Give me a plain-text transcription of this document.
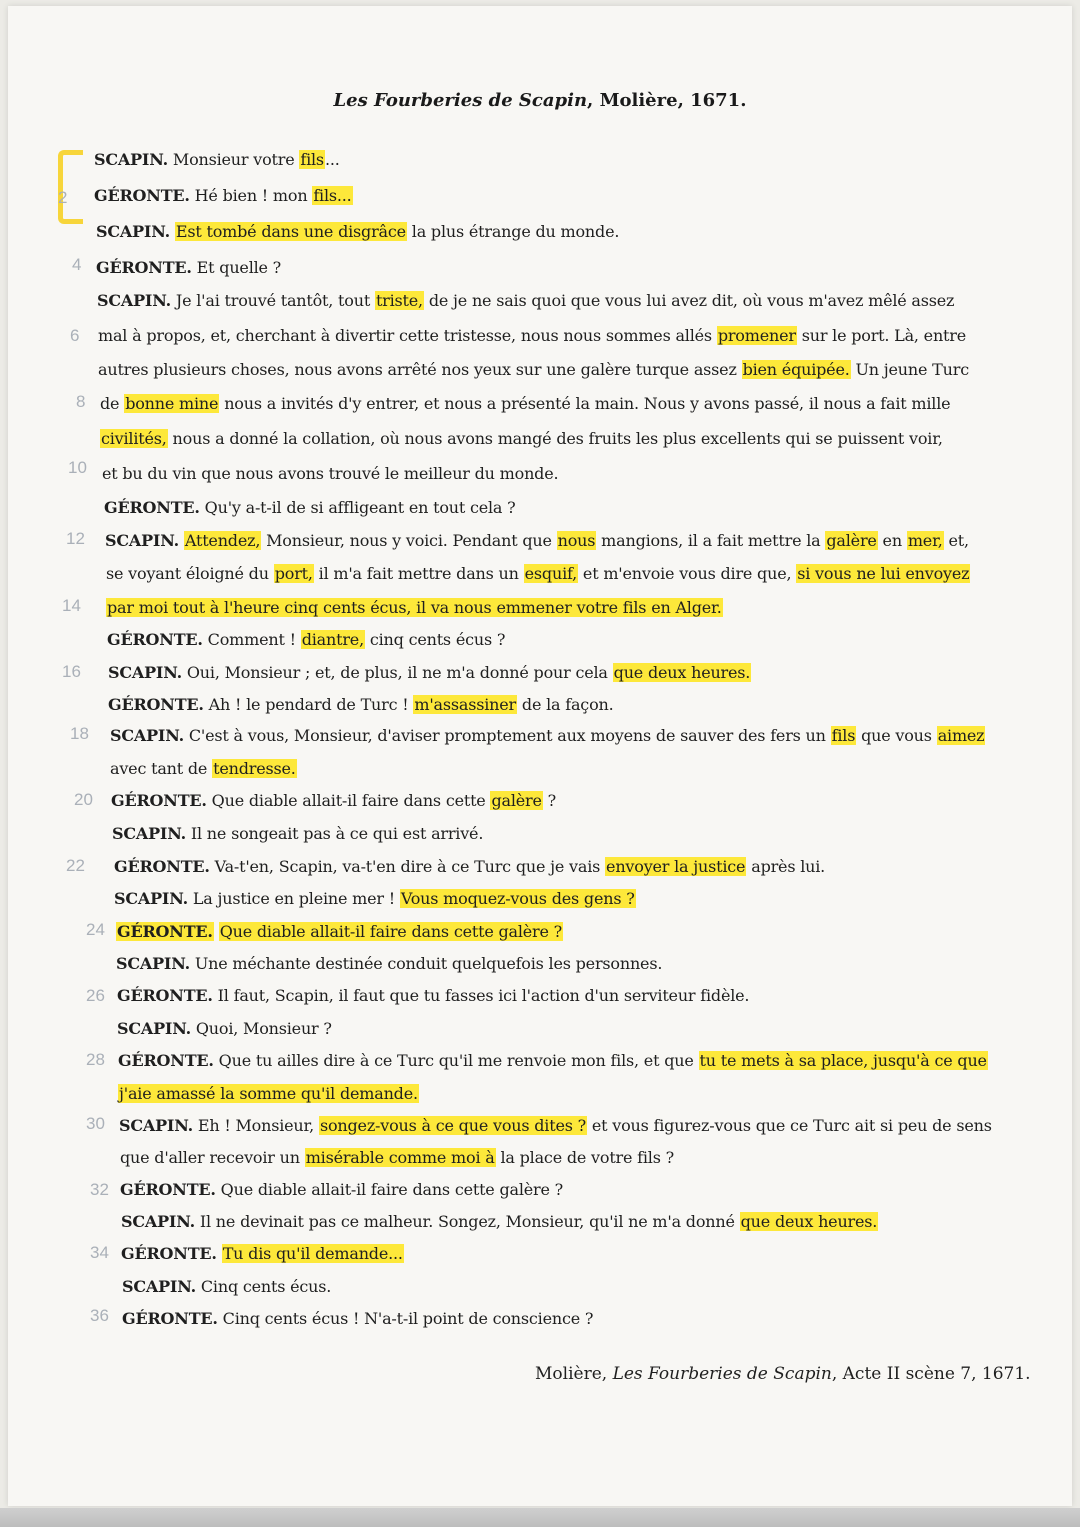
Les Fourberies de Scapin, Molière, 1671.
SCAPIN. Monsieur votre fils...
GÉRONTE. Hé bien ! mon fils...
SCAPIN. Est tombé dans une disgrâce la plus étrange du monde.
GÉRONTE. Et quelle ?
SCAPIN. Je l'ai trouvé tantôt, tout triste, de je ne sais quoi que vous lui avez dit, où vous m'avez mêlé assez
mal à propos, et, cherchant à divertir cette tristesse, nous nous sommes allés promener sur le port. Là, entre
autres plusieurs choses, nous avons arrêté nos yeux sur une galère turque assez bien équipée. Un jeune Turc
de bonne mine nous a invités d'y entrer, et nous a présenté la main. Nous y avons passé, il nous a fait mille
civilités, nous a donné la collation, où nous avons mangé des fruits les plus excellents qui se puissent voir,
et bu du vin que nous avons trouvé le meilleur du monde.
GÉRONTE. Qu'y a-t-il de si affligeant en tout cela ?
SCAPIN. Attendez, Monsieur, nous y voici. Pendant que nous mangions, il a fait mettre la galère en mer, et,
se voyant éloigné du port, il m'a fait mettre dans un esquif, et m'envoie vous dire que, si vous ne lui envoyez
par moi tout à l'heure cinq cents écus, il va nous emmener votre fils en Alger.
GÉRONTE. Comment ! diantre, cinq cents écus ?
SCAPIN. Oui, Monsieur ; et, de plus, il ne m'a donné pour cela que deux heures.
GÉRONTE. Ah ! le pendard de Turc ! m'assassiner de la façon.
SCAPIN. C'est à vous, Monsieur, d'aviser promptement aux moyens de sauver des fers un fils que vous aimez
avec tant de tendresse.
GÉRONTE. Que diable allait-il faire dans cette galère ?
SCAPIN. Il ne songeait pas à ce qui est arrivé.
GÉRONTE. Va-t'en, Scapin, va-t'en dire à ce Turc que je vais envoyer la justice après lui.
SCAPIN. La justice en pleine mer ! Vous moquez-vous des gens ?
GÉRONTE. Que diable allait-il faire dans cette galère ?
SCAPIN. Une méchante destinée conduit quelquefois les personnes.
GÉRONTE. Il faut, Scapin, il faut que tu fasses ici l'action d'un serviteur fidèle.
SCAPIN. Quoi, Monsieur ?
GÉRONTE. Que tu ailles dire à ce Turc qu'il me renvoie mon fils, et que tu te mets à sa place, jusqu'à ce que
j'aie amassé la somme qu'il demande.
SCAPIN. Eh ! Monsieur, songez-vous à ce que vous dites ? et vous figurez-vous que ce Turc ait si peu de sens
que d'aller recevoir un misérable comme moi à la place de votre fils ?
GÉRONTE. Que diable allait-il faire dans cette galère ?
SCAPIN. Il ne devinait pas ce malheur. Songez, Monsieur, qu'il ne m'a donné que deux heures.
GÉRONTE. Tu dis qu'il demande...
SCAPIN. Cinq cents écus.
GÉRONTE. Cinq cents écus ! N'a-t-il point de conscience ?
2
4
6
8
10
12
14
16
18
20
22
24
26
28
30
32
34
36
Molière, Les Fourberies de Scapin, Acte II scène 7, 1671.
